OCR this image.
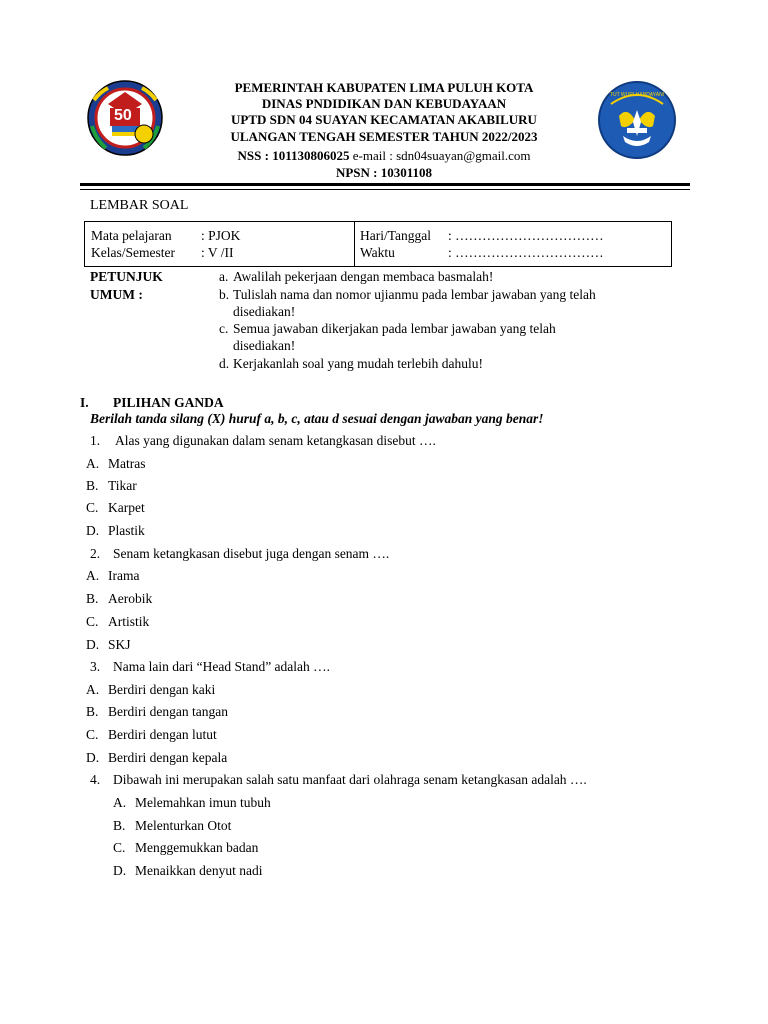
50
TUT WURI HANDAYANI
PEMERINTAH KABUPATEN LIMA PULUH KOTA
DINAS PNDIDIKAN DAN KEBUDAYAAN
UPTD SDN 04 SUAYAN KECAMATAN AKABILURU
ULANGAN TENGAH SEMESTER TAHUN 2022/2023
NSS : 101130806025 e-mail : sdn04suayan@gmail.com
NPSN : 10301108
LEMBAR SOAL
Mata pelajaran : PJOK
Kelas/Semester : V /II
Hari/Tanggal : ……………………………
Waktu	: ……………………………
PETUNJUK
UMUM :
a. Awalilah pekerjaan dengan membaca basmalah!
b. Tulislah nama dan nomor ujianmu pada lembar jawaban yang telah
disediakan!
c. Semua jawaban dikerjakan pada lembar jawaban yang telah
disediakan!
d. Kerjakanlah soal yang mudah terlebih dahulu!
I. PILIHAN GANDA
Berilah tanda silang (X) huruf a, b, c, atau d sesuai dengan jawaban yang benar!
1. Alas yang digunakan dalam senam ketangkasan disebut ….
A. Matras
B. Tikar
C. Karpet
D. Plastik
2. Senam ketangkasan disebut juga dengan senam ….
A. Irama
B. Aerobik
C. Artistik
D. SKJ
3. Nama lain dari “Head Stand” adalah ….
A. Berdiri dengan kaki
B. Berdiri dengan tangan
C. Berdiri dengan lutut
D. Berdiri dengan kepala
4. Dibawah ini merupakan salah satu manfaat dari olahraga senam ketangkasan adalah ….
A. Melemahkan imun tubuh
B. Melenturkan Otot
C. Menggemukkan badan
D. Menaikkan denyut nadi
